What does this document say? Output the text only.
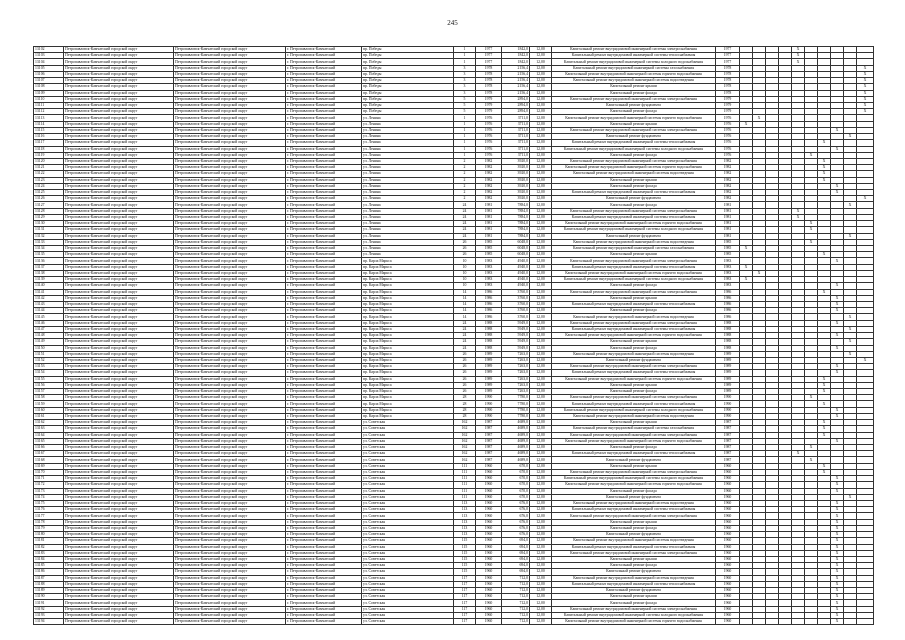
245
13102	Петропавловск-Камчатский городской округ	Петропавловск-Камчатский городской округ	г. Петропавловск-Камчатский	пр. Победы	1	1977	1842,0	12,00	Капитальный ремонт внутридомовой инженерной системы электроснабжения	1977					X					
13103	Петропавловск-Камчатский городской округ	Петропавловск-Камчатский городской округ	г. Петропавловск-Камчатский	пр. Победы	1	1977	1842,0	12,00	Капитальный ремонт внутридомовой инженерной системы теплоснабжения	1977					X					
13104	Петропавловск-Камчатский городской округ	Петропавловск-Камчатский городской округ	г. Петропавловск-Камчатский	пр. Победы	1	1977	1842,0	12,00	Капитальный ремонт внутридомовой инженерной системы холодного водоснабжения	1977					X					
13105	Петропавловск-Камчатский городской округ	Петропавловск-Камчатский городской округ	г. Петропавловск-Камчатский	пр. Победы	3	1978	2156,4	12,00	Капитальный ремонт внутридомовой инженерной системы газоснабжения	1978										X
13106	Петропавловск-Камчатский городской округ	Петропавловск-Камчатский городской округ	г. Петропавловск-Камчатский	пр. Победы	3	1978	2156,4	12,00	Капитальный ремонт внутридомовой инженерной системы горячего водоснабжения	1978										X
13107	Петропавловск-Камчатский городской округ	Петропавловск-Камчатский городской округ	г. Петропавловск-Камчатский	пр. Победы	3	1978	2156,4	12,00	Капитальный ремонт внутридомовой инженерной системы водоотведения	1978										X
13108	Петропавловск-Камчатский городской округ	Петропавловск-Камчатский городской округ	г. Петропавловск-Камчатский	пр. Победы	3	1978	2156,4	12,00	Капитальный ремонт крыши	1978										X
13109	Петропавловск-Камчатский городской округ	Петропавловск-Камчатский городской округ	г. Петропавловск-Камчатский	пр. Победы	3	1978	2156,4	12,00	Капитальный ремонт фасада	1978										X
13110	Петропавловск-Камчатский городской округ	Петропавловск-Камчатский городской округ	г. Петропавловск-Камчатский	пр. Победы	5	1979	2894,0	12,00	Капитальный ремонт внутридомовой инженерной системы электроснабжения	1979										X
13111	Петропавловск-Камчатский городской округ	Петропавловск-Камчатский городской округ	г. Петропавловск-Камчатский	пр. Победы	5	1979	2894,0	12,00	Капитальный ремонт фундамента	1979										X
13112	Петропавловск-Камчатский городской округ	Петропавловск-Камчатский городской округ	г. Петропавловск-Камчатский	пр. Победы	5	1979	2894,0	12,00	Капитальный ремонт фасада	1979										X
13113	Петропавловск-Камчатский городской округ	Петропавловск-Камчатский городской округ	г. Петропавловск-Камчатский	ул. Ленина	1	1976	3711,0	12,00	Капитальный ремонт внутридомовой инженерной системы горячего водоснабжения	1976		X								
13114	Петропавловск-Камчатский городской округ	Петропавловск-Камчатский городской округ	г. Петропавловск-Камчатский	ул. Ленина	1	1976	3711,0	12,00	Капитальный ремонт крыши	1976	X									
13115	Петропавловск-Камчатский городской округ	Петропавловск-Камчатский городской округ	г. Петропавловск-Камчатский	ул. Ленина	1	1976	3711,0	12,00	Капитальный ремонт внутридомовой инженерной системы электроснабжения	1976								X		
13116	Петропавловск-Камчатский городской округ	Петропавловск-Камчатский городской округ	г. Петропавловск-Камчатский	ул. Ленина	1	1976	3711,0	12,00	Капитальный ремонт фундамента	1976									X	
13117	Петропавловск-Камчатский городской округ	Петропавловск-Камчатский городской округ	г. Петропавловск-Камчатский	ул. Ленина	1	1976	3711,0	12,00	Капитальный ремонт внутридомовой инженерной системы теплоснабжения	1976							X			
13118	Петропавловск-Камчатский городской округ	Петропавловск-Камчатский городской округ	г. Петропавловск-Камчатский	ул. Ленина	1	1976	3711,0	12,00	Капитальный ремонт внутридомовой инженерной системы холодного водоснабжения	1976								X		
13119	Петропавловск-Камчатский городской округ	Петропавловск-Камчатский городской округ	г. Петропавловск-Камчатский	ул. Ленина	1	1976	3711,0	12,00	Капитальный ремонт фасада	1976						X				
13120	Петропавловск-Камчатский городской округ	Петропавловск-Камчатский городской округ	г. Петропавловск-Камчатский	ул. Ленина	2	1982	3920,0	12,00	Капитальный ремонт внутридомовой инженерной системы электроснабжения	1982							X			
13121	Петропавловск-Камчатский городской округ	Петропавловск-Камчатский городской округ	г. Петропавловск-Камчатский	ул. Ленина	2	1982	3920,0	12,00	Капитальный ремонт внутридомовой инженерной системы горячего водоснабжения	1982							X			
13122	Петропавловск-Камчатский городской округ	Петропавловск-Камчатский городской округ	г. Петропавловск-Камчатский	ул. Ленина	2	1982	3920,0	12,00	Капитальный ремонт внутридомовой инженерной системы водоотведения	1982							X			
13123	Петропавловск-Камчатский городской округ	Петропавловск-Камчатский городской округ	г. Петропавловск-Камчатский	ул. Ленина	2	1982	3920,0	12,00	Капитальный ремонт крыши	1982							X			
13124	Петропавловск-Камчатский городской округ	Петропавловск-Камчатский городской округ	г. Петропавловск-Камчатский	ул. Ленина	2	1982	3920,0	12,00	Капитальный ремонт фасада	1982								X		
13125	Петропавловск-Камчатский городской округ	Петропавловск-Камчатский городской округ	г. Петропавловск-Камчатский	ул. Ленина	2	1982	3920,0	12,00	Капитальный ремонт внутридомовой инженерной системы теплоснабжения	1982								X		
13126	Петропавловск-Камчатский городской округ	Петропавловск-Камчатский городской округ	г. Петропавловск-Камчатский	ул. Ленина	2	1982	3920,0	12,00	Капитальный ремонт фундамента	1982										X
13127	Петропавловск-Камчатский городской округ	Петропавловск-Камчатский городской округ	г. Петропавловск-Камчатский	ул. Ленина	24	1981	7884,0	12,00	Капитальный ремонт фасада	1981									X	
13128	Петропавловск-Камчатский городской округ	Петропавловск-Камчатский городской округ	г. Петропавловск-Камчатский	ул. Ленина	24	1981	7884,0	12,00	Капитальный ремонт внутридомовой инженерной системы электроснабжения	1981					X					
13129	Петропавловск-Камчатский городской округ	Петропавловск-Камчатский городской округ	г. Петропавловск-Камчатский	ул. Ленина	24	1981	7884,0	12,00	Капитальный ремонт внутридомовой инженерной системы теплоснабжения	1981					X					
13130	Петропавловск-Камчатский городской округ	Петропавловск-Камчатский городской округ	г. Петропавловск-Камчатский	ул. Ленина	24	1981	7884,0	12,00	Капитальный ремонт внутридомовой инженерной системы горячего водоснабжения	1981						X				
13131	Петропавловск-Камчатский городской округ	Петропавловск-Камчатский городской округ	г. Петропавловск-Камчатский	ул. Ленина	24	1981	7884,0	12,00	Капитальный ремонт внутридомовой инженерной системы холодного водоснабжения	1981						X				
13132	Петропавловск-Камчатский городской округ	Петропавловск-Камчатский городской округ	г. Петропавловск-Камчатский	ул. Ленина	24	1981	7884,0	12,00	Капитальный ремонт фундамента	1981									X	
13133	Петропавловск-Камчатский городской округ	Петропавловск-Камчатский городской округ	г. Петропавловск-Камчатский	ул. Ленина	26	1985	6048,0	12,00	Капитальный ремонт внутридомовой инженерной системы водоотведения	1985						X				
13134	Петропавловск-Камчатский городской округ	Петропавловск-Камчатский городской округ	г. Петропавловск-Камчатский	ул. Ленина	26	1985	6048,0	12,00	Капитальный ремонт внутридомовой инженерной системы газоснабжения	1985	X									
13135	Петропавловск-Камчатский городской округ	Петропавловск-Камчатский городской округ	г. Петропавловск-Камчатский	ул. Ленина	26	1985	6048,0	12,00	Капитальный ремонт крыши	1985							X			
13136	Петропавловск-Камчатский городской округ	Петропавловск-Камчатский городской округ	г. Петропавловск-Камчатский	пр. Карла Маркса	10	1983	4940,0	12,00	Капитальный ремонт внутридомовой инженерной системы электроснабжения	1983								X		
13137	Петропавловск-Камчатский городской округ	Петропавловск-Камчатский городской округ	г. Петропавловск-Камчатский	пр. Карла Маркса	10	1983	4940,0	12,00	Капитальный ремонт внутридомовой инженерной системы теплоснабжения	1983	X									
13138	Петропавловск-Камчатский городской округ	Петропавловск-Камчатский городской округ	г. Петропавловск-Камчатский	пр. Карла Маркса	10	1983	4940,0	12,00	Капитальный ремонт внутридомовой инженерной системы горячего водоснабжения	1983		X								
13139	Петропавловск-Камчатский городской округ	Петропавловск-Камчатский городской округ	г. Петропавловск-Камчатский	пр. Карла Маркса	10	1983	4940,0	12,00	Капитальный ремонт внутридомовой инженерной системы холодного водоснабжения	1983	X									
13140	Петропавловск-Камчатский городской округ	Петропавловск-Камчатский городской округ	г. Петропавловск-Камчатский	пр. Карла Маркса	10	1983	4940,0	12,00	Капитальный ремонт фасада	1983								X		
13141	Петропавловск-Камчатский городской округ	Петропавловск-Камчатский городской округ	г. Петропавловск-Камчатский	пр. Карла Маркса	14	1986	3760,0	12,00	Капитальный ремонт внутридомовой инженерной системы электроснабжения	1986							X			
13142	Петропавловск-Камчатский городской округ	Петропавловск-Камчатский городской округ	г. Петропавловск-Камчатский	пр. Карла Маркса	14	1986	3760,0	12,00	Капитальный ремонт крыши	1986								X		
13143	Петропавловск-Камчатский городской округ	Петропавловск-Камчатский городской округ	г. Петропавловск-Камчатский	пр. Карла Маркса	14	1986	3760,0	12,00	Капитальный ремонт внутридомовой инженерной системы теплоснабжения	1986								X		
13144	Петропавловск-Камчатский городской округ	Петропавловск-Камчатский городской округ	г. Петропавловск-Камчатский	пр. Карла Маркса	14	1986	3760,0	12,00	Капитальный ремонт фасада	1986								X		
13145	Петропавловск-Камчатский городской округ	Петропавловск-Камчатский городской округ	г. Петропавловск-Камчатский	пр. Карла Маркса	14	1986	3760,0	12,00	Капитальный ремонт внутридомовой инженерной системы водоотведения	1986									X	
13146	Петропавловск-Камчатский городской округ	Петропавловск-Камчатский городской округ	г. Петропавловск-Камчатский	пр. Карла Маркса	24	1988	5949,0	12,00	Капитальный ремонт внутридомовой инженерной системы электроснабжения	1988								X		
13147	Петропавловск-Камчатский городской округ	Петропавловск-Камчатский городской округ	г. Петропавловск-Камчатский	пр. Карла Маркса	24	1988	5949,0	12,00	Капитальный ремонт внутридомовой инженерной системы теплоснабжения	1988									X	
13148	Петропавловск-Камчатский городской округ	Петропавловск-Камчатский городской округ	г. Петропавловск-Камчатский	пр. Карла Маркса	24	1988	5949,0	12,00	Капитальный ремонт внутридомовой инженерной системы горячего водоснабжения	1988								X		
13149	Петропавловск-Камчатский городской округ	Петропавловск-Камчатский городской округ	г. Петропавловск-Камчатский	пр. Карла Маркса	24	1988	5949,0	12,00	Капитальный ремонт крыши	1988									X	
13150	Петропавловск-Камчатский городской округ	Петропавловск-Камчатский городской округ	г. Петропавловск-Камчатский	пр. Карла Маркса	24	1988	5949,0	12,00	Капитальный ремонт фасада	1988								X		
13151	Петропавловск-Камчатский городской округ	Петропавловск-Камчатский городской округ	г. Петропавловск-Камчатский	пр. Карла Маркса	26	1989	7263,0	12,00	Капитальный ремонт внутридомовой инженерной системы водоотведения	1989									X	
13152	Петропавловск-Камчатский городской округ	Петропавловск-Камчатский городской округ	г. Петропавловск-Камчатский	пр. Карла Маркса	26	1989	7263,0	12,00	Капитальный ремонт фундамента	1989										X
13153	Петропавловск-Камчатский городской округ	Петропавловск-Камчатский городской округ	г. Петропавловск-Камчатский	пр. Карла Маркса	26	1989	7263,0	12,00	Капитальный ремонт внутридомовой инженерной системы электроснабжения	1989								X		
13154	Петропавловск-Камчатский городской округ	Петропавловск-Камчатский городской округ	г. Петропавловск-Камчатский	пр. Карла Маркса	26	1989	7263,0	12,00	Капитальный ремонт внутридомовой инженерной системы теплоснабжения	1989								X		
13155	Петропавловск-Камчатский городской округ	Петропавловск-Камчатский городской округ	г. Петропавловск-Камчатский	пр. Карла Маркса	26	1989	7263,0	12,00	Капитальный ремонт внутридомовой инженерной системы горячего водоснабжения	1989							X			
13156	Петропавловск-Камчатский городской округ	Петропавловск-Камчатский городской округ	г. Петропавловск-Камчатский	пр. Карла Маркса	26	1989	7263,0	12,00	Капитальный ремонт крыши	1989							X			
13157	Петропавловск-Камчатский городской округ	Петропавловск-Камчатский городской округ	г. Петропавловск-Камчатский	пр. Карла Маркса	26	1989	7263,0	12,00	Капитальный ремонт фасада	1989							X			
13158	Петропавловск-Камчатский городской округ	Петропавловск-Камчатский городской округ	г. Петропавловск-Камчатский	пр. Карла Маркса	28	1990	7780,0	12,00	Капитальный ремонт внутридомовой инженерной системы электроснабжения	1990						X				
13159	Петропавловск-Камчатский городской округ	Петропавловск-Камчатский городской округ	г. Петропавловск-Камчатский	пр. Карла Маркса	28	1990	7780,0	12,00	Капитальный ремонт внутридомовой инженерной системы теплоснабжения	1990							X			
13160	Петропавловск-Камчатский городской округ	Петропавловск-Камчатский городской округ	г. Петропавловск-Камчатский	пр. Карла Маркса	28	1990	7780,0	12,00	Капитальный ремонт внутридомовой инженерной системы холодного водоснабжения	1990								X		
13161	Петропавловск-Камчатский городской округ	Петропавловск-Камчатский городской округ	г. Петропавловск-Камчатский	пр. Карла Маркса	28	1990	7780,0	12,00	Капитальный ремонт внутридомовой инженерной системы водоотведения	1990								X		
13162	Петропавловск-Камчатский городской округ	Петропавловск-Камчатский городской округ	г. Петропавловск-Камчатский	ул. Советская	162	1987	4689,0	12,00	Капитальный ремонт крыши	1987							X			
13163	Петропавловск-Камчатский городской округ	Петропавловск-Камчатский городской округ	г. Петропавловск-Камчатский	ул. Советская	162	1987	4689,0	12,00	Капитальный ремонт внутридомовой инженерной системы газоснабжения	1987							X			
13164	Петропавловск-Камчатский городской округ	Петропавловск-Камчатский городской округ	г. Петропавловск-Камчатский	ул. Советская	162	1987	4689,0	12,00	Капитальный ремонт внутридомовой инженерной системы электроснабжения	1987							X			
13165	Петропавловск-Камчатский городской округ	Петропавловск-Камчатский городской округ	г. Петропавловск-Камчатский	ул. Советская	162	1987	4689,0	12,00	Капитальный ремонт внутридомовой инженерной системы горячего водоснабжения	1987								X		
13166	Петропавловск-Камчатский городской округ	Петропавловск-Камчатский городской округ	г. Петропавловск-Камчатский	ул. Советская	162	1987	4689,0	12,00	Капитальный ремонт фасада	1987						X				
13167	Петропавловск-Камчатский городской округ	Петропавловск-Камчатский городской округ	г. Петропавловск-Камчатский	ул. Советская	162	1987	4689,0	12,00	Капитальный ремонт внутридомовой инженерной системы теплоснабжения	1987					X					
13168	Петропавловск-Камчатский городской округ	Петропавловск-Камчатский городской округ	г. Петропавловск-Камчатский	ул. Советская	162	1987	4689,0	12,00	Капитальный ремонт фундамента	1987						X				
13169	Петропавловск-Камчатский городской округ	Петропавловск-Камчатский городской округ	г. Петропавловск-Камчатский	ул. Советская	111	1960	670,0	12,00	Капитальный ремонт крыши	1960							X			
13170	Петропавловск-Камчатский городской округ	Петропавловск-Камчатский городской округ	г. Петропавловск-Камчатский	ул. Советская	111	1960	670,0	12,00	Капитальный ремонт внутридомовой инженерной системы электроснабжения	1960							X			
13171	Петропавловск-Камчатский городской округ	Петропавловск-Камчатский городской округ	г. Петропавловск-Камчатский	ул. Советская	111	1960	670,0	12,00	Капитальный ремонт внутридомовой инженерной системы холодного водоснабжения	1960								X		
13172	Петропавловск-Камчатский городской округ	Петропавловск-Камчатский городской округ	г. Петропавловск-Камчатский	ул. Советская	111	1960	670,0	12,00	Капитальный ремонт внутридомовой инженерной системы горячего водоснабжения	1960								X		
13173	Петропавловск-Камчатский городской округ	Петропавловск-Камчатский городской округ	г. Петропавловск-Камчатский	ул. Советская	111	1960	670,0	12,00	Капитальный ремонт фасада	1960								X		
13174	Петропавловск-Камчатский городской округ	Петропавловск-Камчатский городской округ	г. Петропавловск-Камчатский	ул. Советская	111	1960	670,0	12,00	Капитальный ремонт фундамента	1960									X	
13175	Петропавловск-Камчатский городской округ	Петропавловск-Камчатский городской округ	г. Петропавловск-Камчатский	ул. Советская	113	1960	676,0	12,00	Капитальный ремонт внутридомовой инженерной системы водоотведения	1960								X		
13176	Петропавловск-Камчатский городской округ	Петропавловск-Камчатский городской округ	г. Петропавловск-Камчатский	ул. Советская	113	1960	676,0	12,00	Капитальный ремонт внутридомовой инженерной системы теплоснабжения	1960								X		
13177	Петропавловск-Камчатский городской округ	Петропавловск-Камчатский городской округ	г. Петропавловск-Камчатский	ул. Советская	113	1960	676,0	12,00	Капитальный ремонт внутридомовой инженерной системы электроснабжения	1960								X		
13178	Петропавловск-Камчатский городской округ	Петропавловск-Камчатский городской округ	г. Петропавловск-Камчатский	ул. Советская	113	1960	676,0	12,00	Капитальный ремонт крыши	1960								X		
13179	Петропавловск-Камчатский городской округ	Петропавловск-Камчатский городской округ	г. Петропавловск-Камчатский	ул. Советская	113	1960	676,0	12,00	Капитальный ремонт фасада	1960								X		
13180	Петропавловск-Камчатский городской округ	Петропавловск-Камчатский городской округ	г. Петропавловск-Камчатский	ул. Советская	113	1960	676,0	12,00	Капитальный ремонт фундамента	1960								X		
13181	Петропавловск-Камчатский городской округ	Петропавловск-Камчатский городской округ	г. Петропавловск-Камчатский	ул. Советская	115	1960	694,0	12,00	Капитальный ремонт внутридомовой инженерной системы водоотведения	1960								X		
13182	Петропавловск-Камчатский городской округ	Петропавловск-Камчатский городской округ	г. Петропавловск-Камчатский	ул. Советская	115	1960	694,0	12,00	Капитальный ремонт внутридомовой инженерной системы теплоснабжения	1960								X		
13183	Петропавловск-Камчатский городской округ	Петропавловск-Камчатский городской округ	г. Петропавловск-Камчатский	ул. Советская	115	1960	694,0	12,00	Капитальный ремонт внутридомовой инженерной системы электроснабжения	1960								X		
13184	Петропавловск-Камчатский городской округ	Петропавловск-Камчатский городской округ	г. Петропавловск-Камчатский	ул. Советская	115	1960	694,0	12,00	Капитальный ремонт крыши	1960								X		
13185	Петропавловск-Камчатский городской округ	Петропавловск-Камчатский городской округ	г. Петропавловск-Камчатский	ул. Советская	115	1960	694,0	12,00	Капитальный ремонт фасада	1960								X		
13186	Петропавловск-Камчатский городской округ	Петропавловск-Камчатский городской округ	г. Петропавловск-Камчатский	ул. Советская	115	1960	694,0	12,00	Капитальный ремонт фундамента	1960								X		
13187	Петропавловск-Камчатский городской округ	Петропавловск-Камчатский городской округ	г. Петропавловск-Камчатский	ул. Советская	117	1960	712,0	12,00	Капитальный ремонт внутридомовой инженерной системы водоотведения	1960								X		
13188	Петропавловск-Камчатский городской округ	Петропавловск-Камчатский городской округ	г. Петропавловск-Камчатский	ул. Советская	117	1960	712,0	12,00	Капитальный ремонт внутридомовой инженерной системы теплоснабжения	1960								X		
13189	Петропавловск-Камчатский городской округ	Петропавловск-Камчатский городской округ	г. Петропавловск-Камчатский	ул. Советская	117	1960	712,0	12,00	Капитальный ремонт фундамента	1960								X		
13190	Петропавловск-Камчатский городской округ	Петропавловск-Камчатский городской округ	г. Петропавловск-Камчатский	ул. Советская	117	1960	712,0	12,00	Капитальный ремонт крыши	1960								X		
13191	Петропавловск-Камчатский городской округ	Петропавловск-Камчатский городской округ	г. Петропавловск-Камчатский	ул. Советская	117	1960	712,0	12,00	Капитальный ремонт фасада	1960								X		
13192	Петропавловск-Камчатский городской округ	Петропавловск-Камчатский городской округ	г. Петропавловск-Камчатский	ул. Советская	117	1960	712,0	12,00	Капитальный ремонт внутридомовой инженерной системы электроснабжения	1960								X		
13193	Петропавловск-Камчатский городской округ	Петропавловск-Камчатский городской округ	г. Петропавловск-Камчатский	ул. Советская	117	1960	712,0	12,00	Капитальный ремонт внутридомовой инженерной системы холодного водоснабжения	1960								X		
13194	Петропавловск-Камчатский городской округ	Петропавловск-Камчатский городской округ	г. Петропавловск-Камчатский	ул. Советская	117	1960	712,0	12,00	Капитальный ремонт внутридомовой инженерной системы горячего водоснабжения	1960								X		
